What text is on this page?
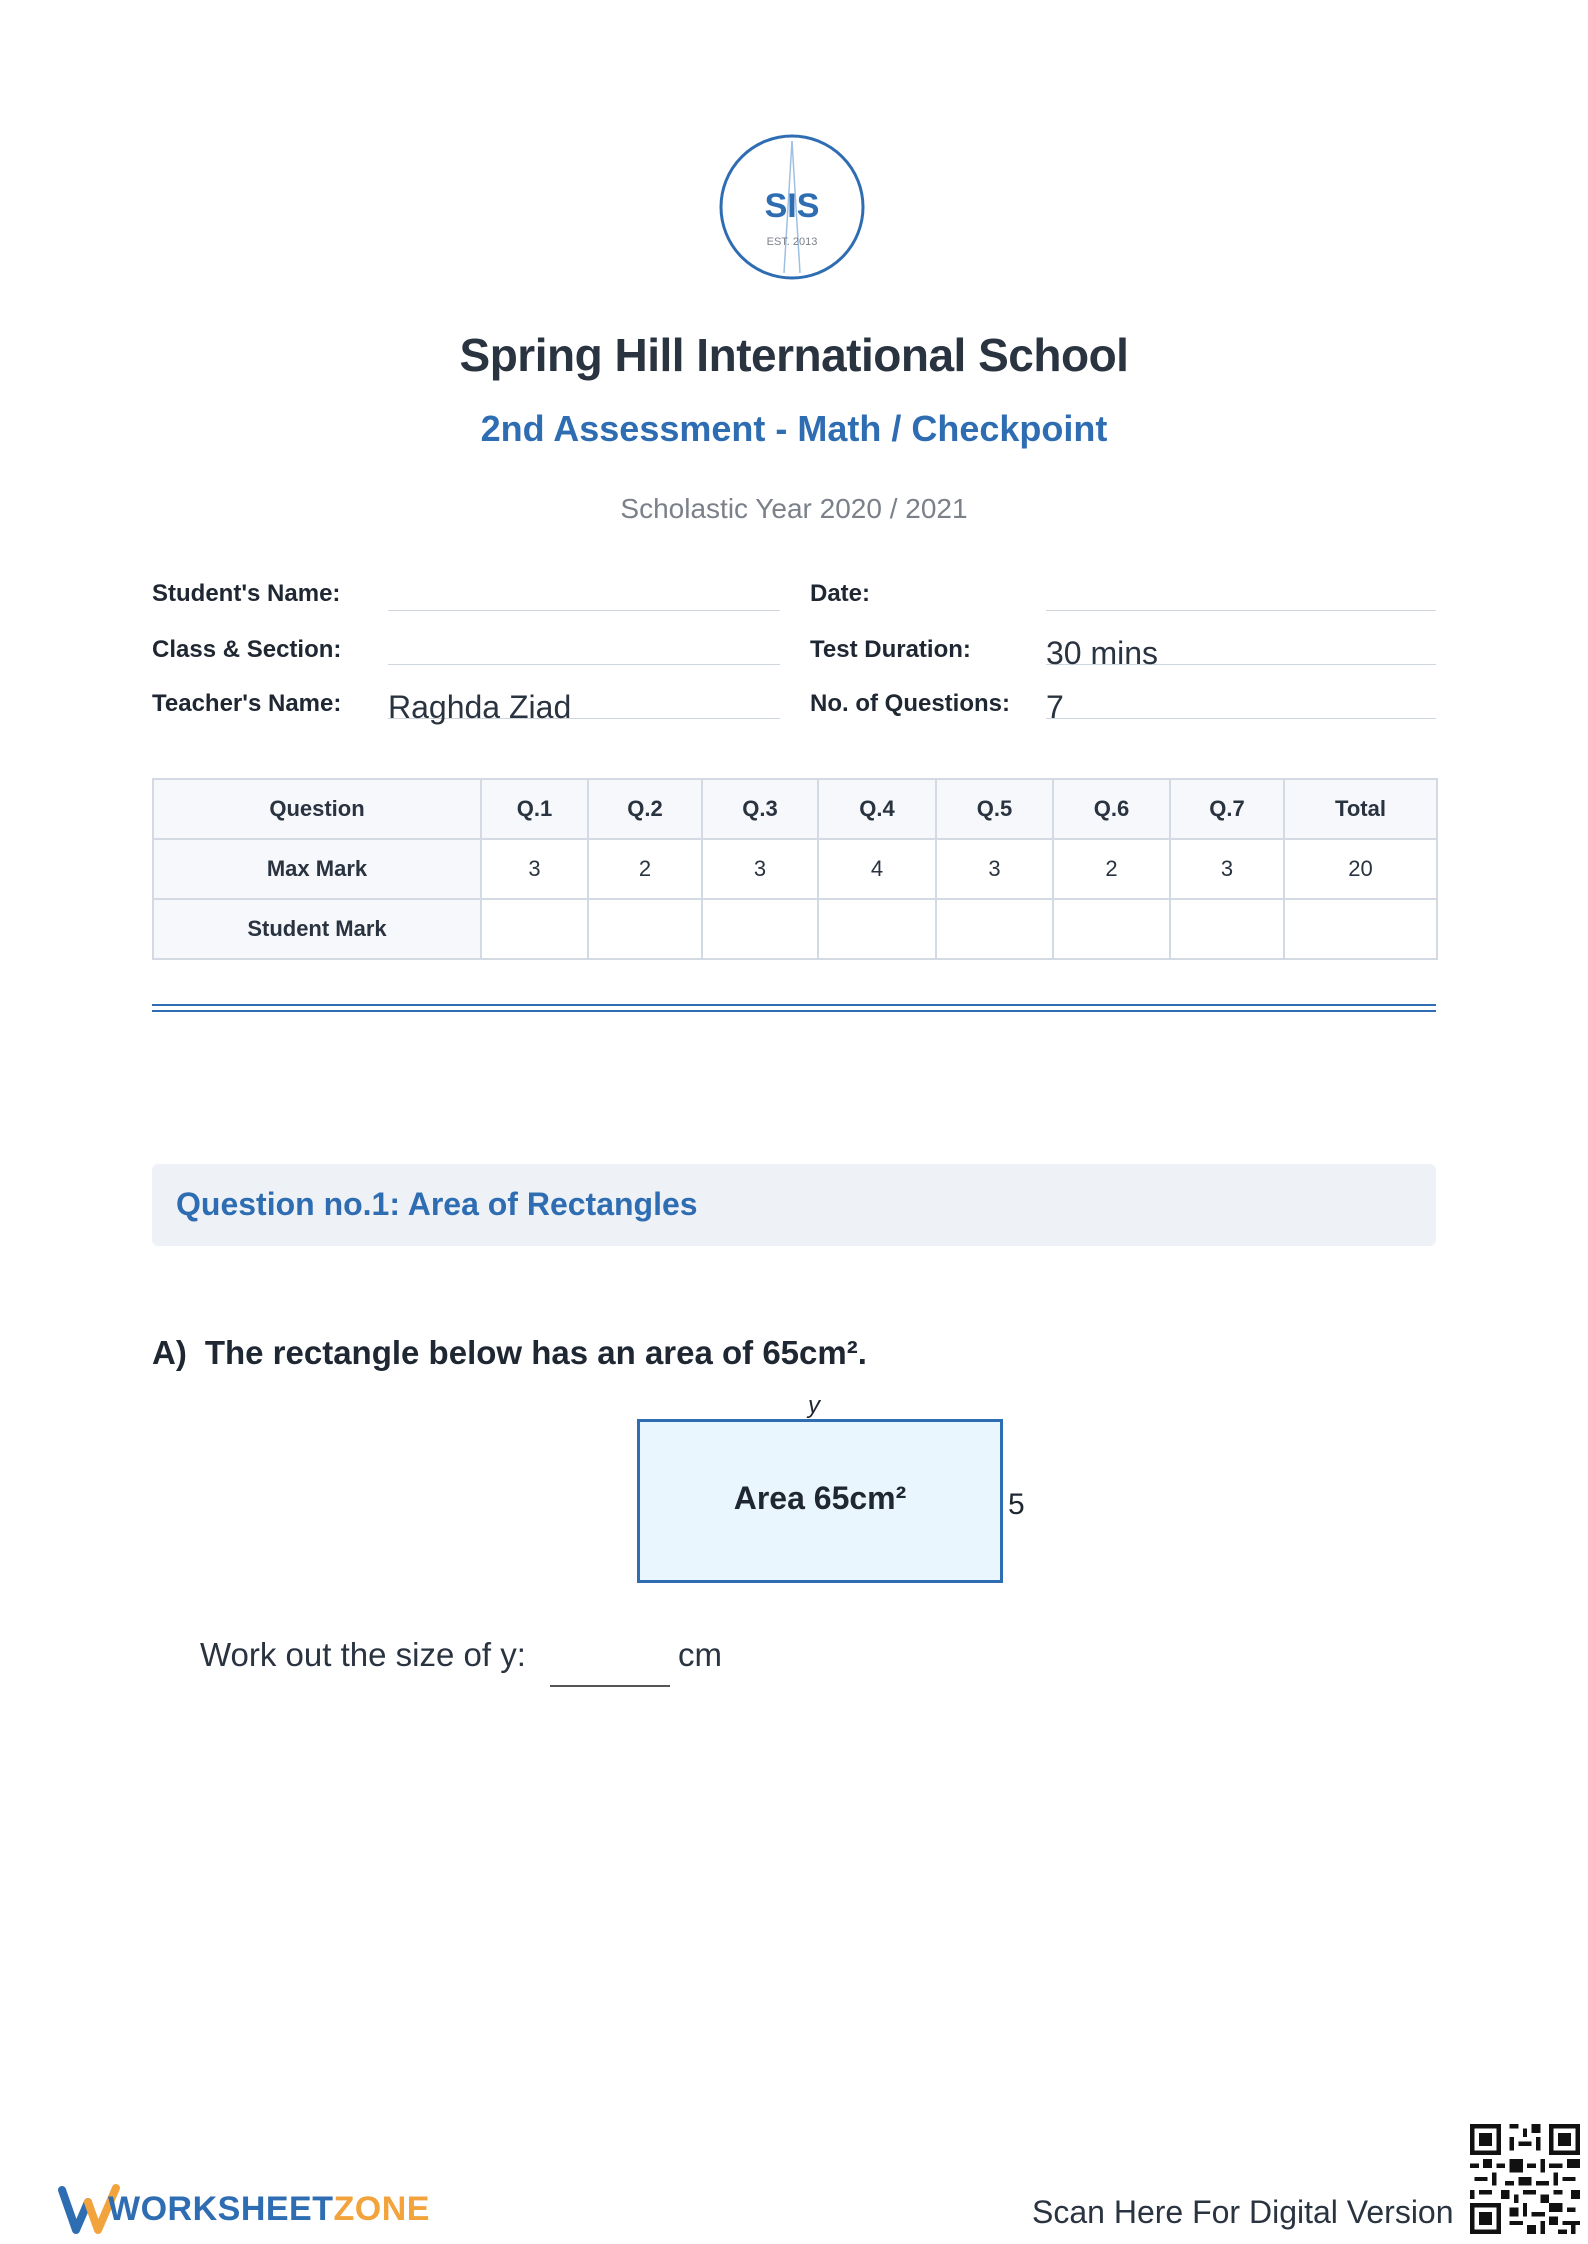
SIS
EST. 2013
Spring Hill International School
2nd Assessment - Math / Checkpoint
Scholastic Year 2020 / 2021
Student's Name:
Class & Section:
Teacher's Name: Raghda Ziad
Date:
Test Duration: 30 mins
No. of Questions: 7
Question	Q.1	Q.2	Q.3	Q.4	Q.5	Q.6	Q.7	Total
Max Mark	3	2	3	4	3	2	3	20
Student Mark								
Question no.1: Area of Rectangles
A) The rectangle below has an area of 65cm².
y
Area 65cm²	5
Work out the size of y:	cm
WORKSHEETZONE	Scan Here For Digital Version
